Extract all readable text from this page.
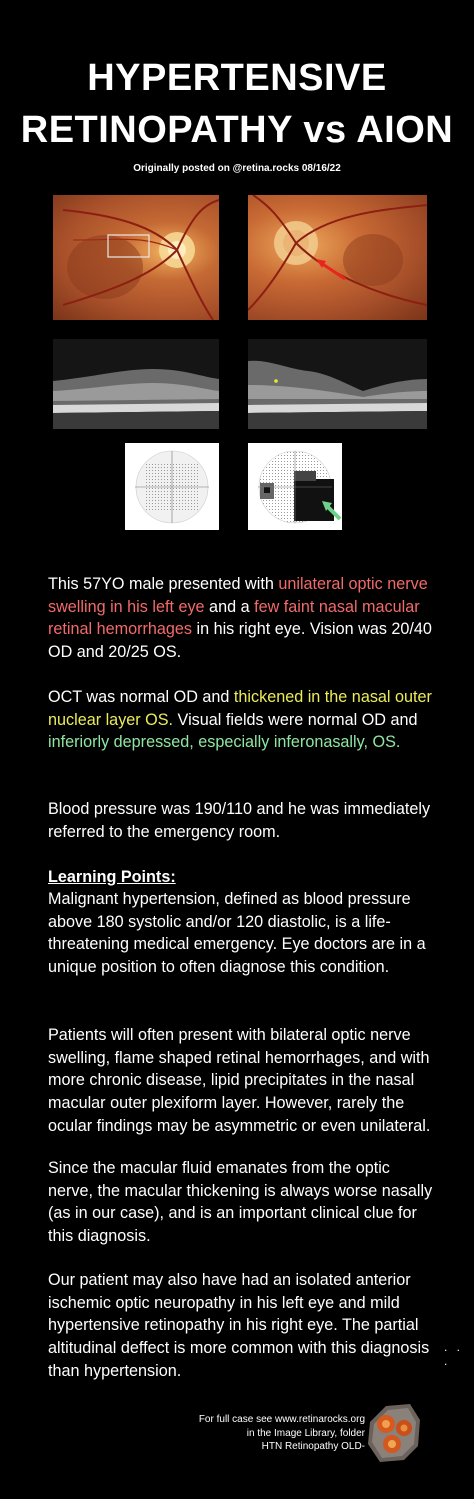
HYPERTENSIVE
RETINOPATHY vs AION
Originally posted on @retina.rocks 08/16/22

This 57YO male presented with unilateral optic nerve swelling in his left eye and a few faint nasal macular retinal hemorrhages in his right eye. Vision was 20/40 OD and 20/25 OS.

OCT was normal OD and thickened in the nasal outer nuclear layer OS. Visual fields were normal OD and inferiorly depressed, especially inferonasally, OS.

Blood pressure was 190/110 and he was immediately referred to the emergency room.
Learning Points:
Malignant hypertension, defined as blood pressure above 180 systolic and/or 120 diastolic, is a life-threatening medical emergency. Eye doctors are in a unique position to often diagnose this condition.
Patients will often present with bilateral optic nerve swelling, flame shaped retinal hemorrhages, and with more chronic disease, lipid precipitates in the nasal macular outer plexiform layer. However, rarely the ocular findings may be asymmetric or even unilateral.
Since the macular fluid emanates from the optic nerve, the macular thickening is always worse nasally (as in our case), and is an important clinical clue for this diagnosis.
Our patient may also have had an isolated anterior ischemic optic neuropathy in his left eye and mild hypertensive retinopathy in his right eye. The partial altitudinal deffect is more common with this diagnosis than hypertension.
. . .
For full case see www.retinarocks.org
in the Image Library, folder
HTN Retinopathy OLD-
